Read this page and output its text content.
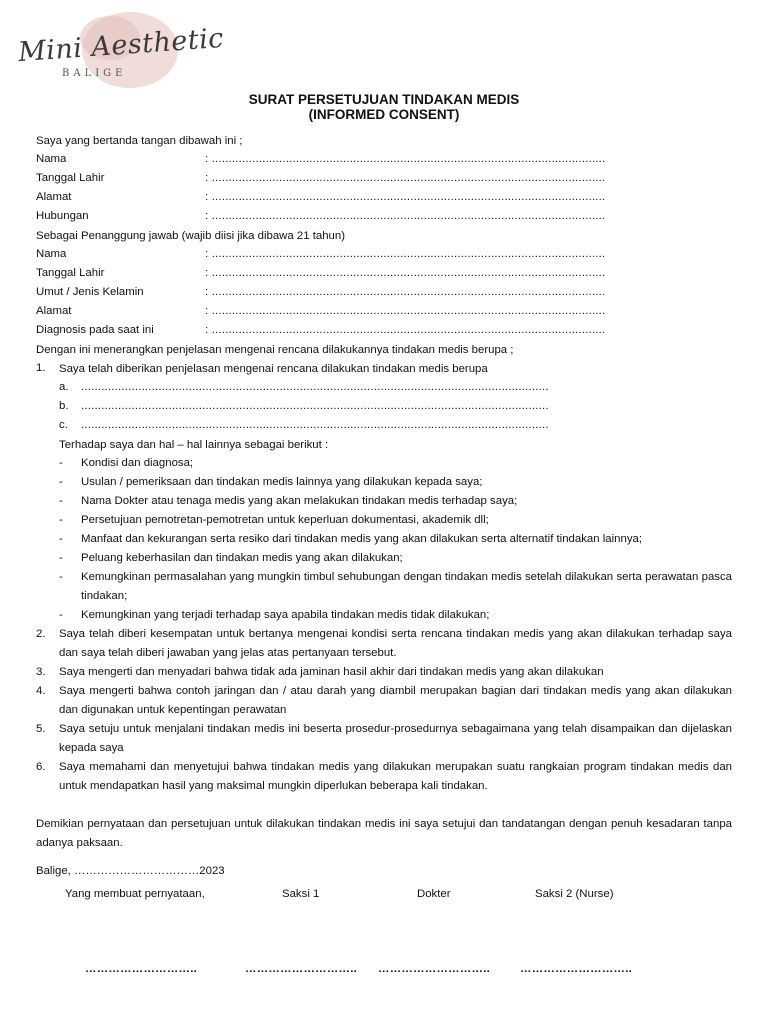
Mini Aesthetic
BALIGE
SURAT PERSETUJUAN TINDAKAN MEDIS
(INFORMED CONSENT)
Saya yang bertanda tangan dibawah ini ;
Nama	: .....................................................................................................................
Tanggal Lahir	: .....................................................................................................................
Alamat	: .....................................................................................................................
Hubungan	: .....................................................................................................................
Sebagai Penanggung jawab (wajib diisi jika dibawa 21 tahun)
Nama	: .....................................................................................................................
Tanggal Lahir	: .....................................................................................................................
Umut / Jenis Kelamin	: .....................................................................................................................
Alamat	: .....................................................................................................................
Diagnosis pada saat ini	: .....................................................................................................................
Dengan ini menerangkan penjelasan mengenai rencana dilakukannya tindakan medis berupa ;
1. Saya telah diberikan penjelasan mengenai rencana dilakukan tindakan medis berupa
a. ...........................................................................................................................................
b. ...........................................................................................................................................
c. ...........................................................................................................................................
Terhadap saya dan hal – hal lainnya sebagai berikut :
- Kondisi dan diagnosa;
- Usulan / pemeriksaan dan tindakan medis lainnya yang dilakukan kepada saya;
- Nama Dokter atau tenaga medis yang akan melakukan tindakan medis terhadap saya;
- Persetujuan pemotretan-pemotretan untuk keperluan dokumentasi, akademik dll;
- Manfaat dan kekurangan serta resiko dari tindakan medis yang akan dilakukan serta alternatif tindakan lainnya;
- Peluang keberhasilan dan tindakan medis yang akan dilakukan;
- Kemungkinan permasalahan yang mungkin timbul sehubungan dengan tindakan medis setelah dilakukan serta perawatan pasca tindakan;
- Kemungkinan yang terjadi terhadap saya apabila tindakan medis tidak dilakukan;
2. Saya telah diberi kesempatan untuk bertanya mengenai kondisi serta rencana tindakan medis yang akan dilakukan terhadap saya dan saya telah diberi jawaban yang jelas atas pertanyaan tersebut.
3. Saya mengerti dan menyadari bahwa tidak ada jaminan hasil akhir dari tindakan medis yang akan dilakukan
4. Saya mengerti bahwa contoh jaringan dan / atau darah yang diambil merupakan bagian dari tindakan medis yang akan dilakukan dan digunakan untuk kepentingan perawatan
5. Saya setuju untuk menjalani tindakan medis ini beserta prosedur-prosedurnya sebagaimana yang telah disampaikan dan dijelaskan kepada saya
6. Saya memahami dan menyetujui bahwa tindakan medis yang dilakukan merupakan suatu rangkaian program tindakan medis dan untuk mendapatkan hasil yang maksimal mungkin diperlukan beberapa kali tindakan.
Demikian pernyataan dan persetujuan untuk dilakukan tindakan medis ini saya setujui dan tandatangan dengan penuh kesadaran tanpa adanya paksaan.
Balige, ……………………………2023
Yang membuat pernyataan,	Saksi 1	Dokter	Saksi 2 (Nurse)
………………………..	……………………….. ………………………..	………………………..
